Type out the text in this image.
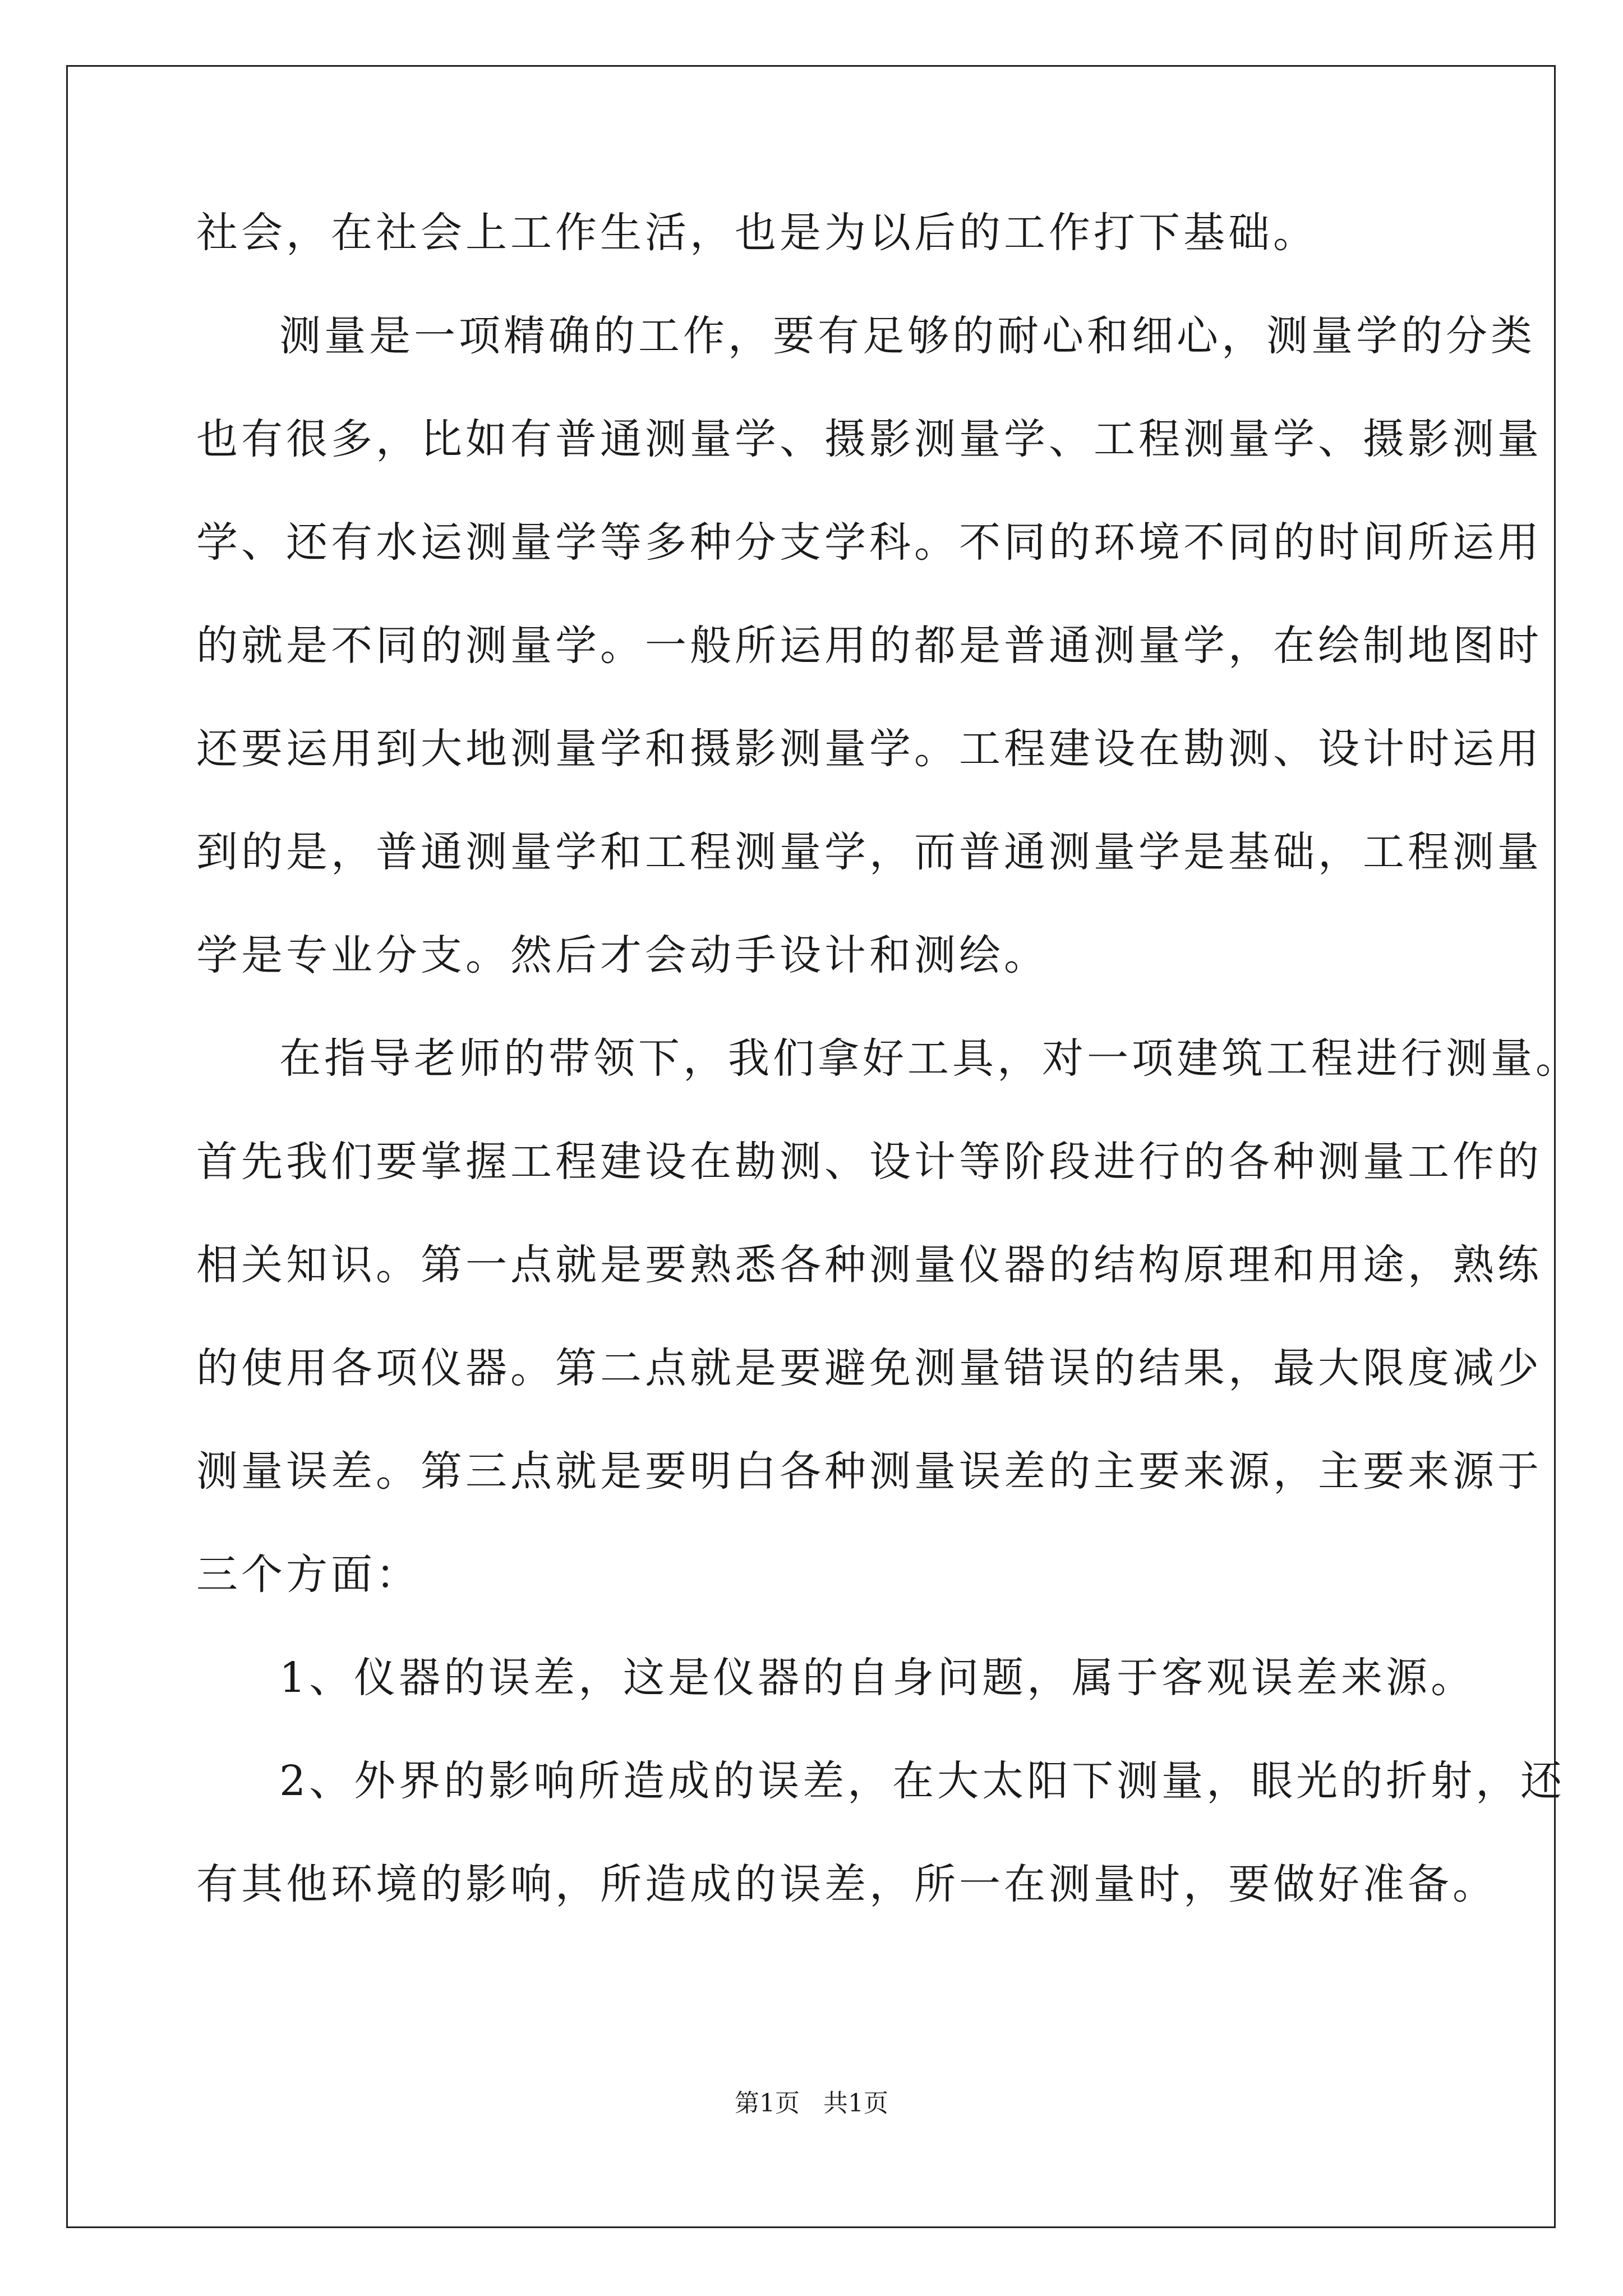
社会，在社会上工作生活，也是为以后的工作打下基础。
测量是一项精确的工作，要有足够的耐心和细心，测量学的分类
也有很多，比如有普通测量学、摄影测量学、工程测量学、摄影测量
学、还有水运测量学等多种分支学科。不同的环境不同的时间所运用
的就是不同的测量学。一般所运用的都是普通测量学，在绘制地图时
还要运用到大地测量学和摄影测量学。工程建设在勘测、设计时运用
到的是，普通测量学和工程测量学，而普通测量学是基础，工程测量
学是专业分支。然后才会动手设计和测绘。
在指导老师的带领下，我们拿好工具，对一项建筑工程进行测量。
首先我们要掌握工程建设在勘测、设计等阶段进行的各种测量工作的
相关知识。第一点就是要熟悉各种测量仪器的结构原理和用途，熟练
的使用各项仪器。第二点就是要避免测量错误的结果，最大限度减少
测量误差。第三点就是要明白各种测量误差的主要来源，主要来源于
三个方面：
1、仪器的误差，这是仪器的自身问题，属于客观误差来源。
2、外界的影响所造成的误差，在大太阳下测量，眼光的折射，还
有其他环境的影响，所造成的误差，所一在测量时，要做好准备。
第1页   共1页
